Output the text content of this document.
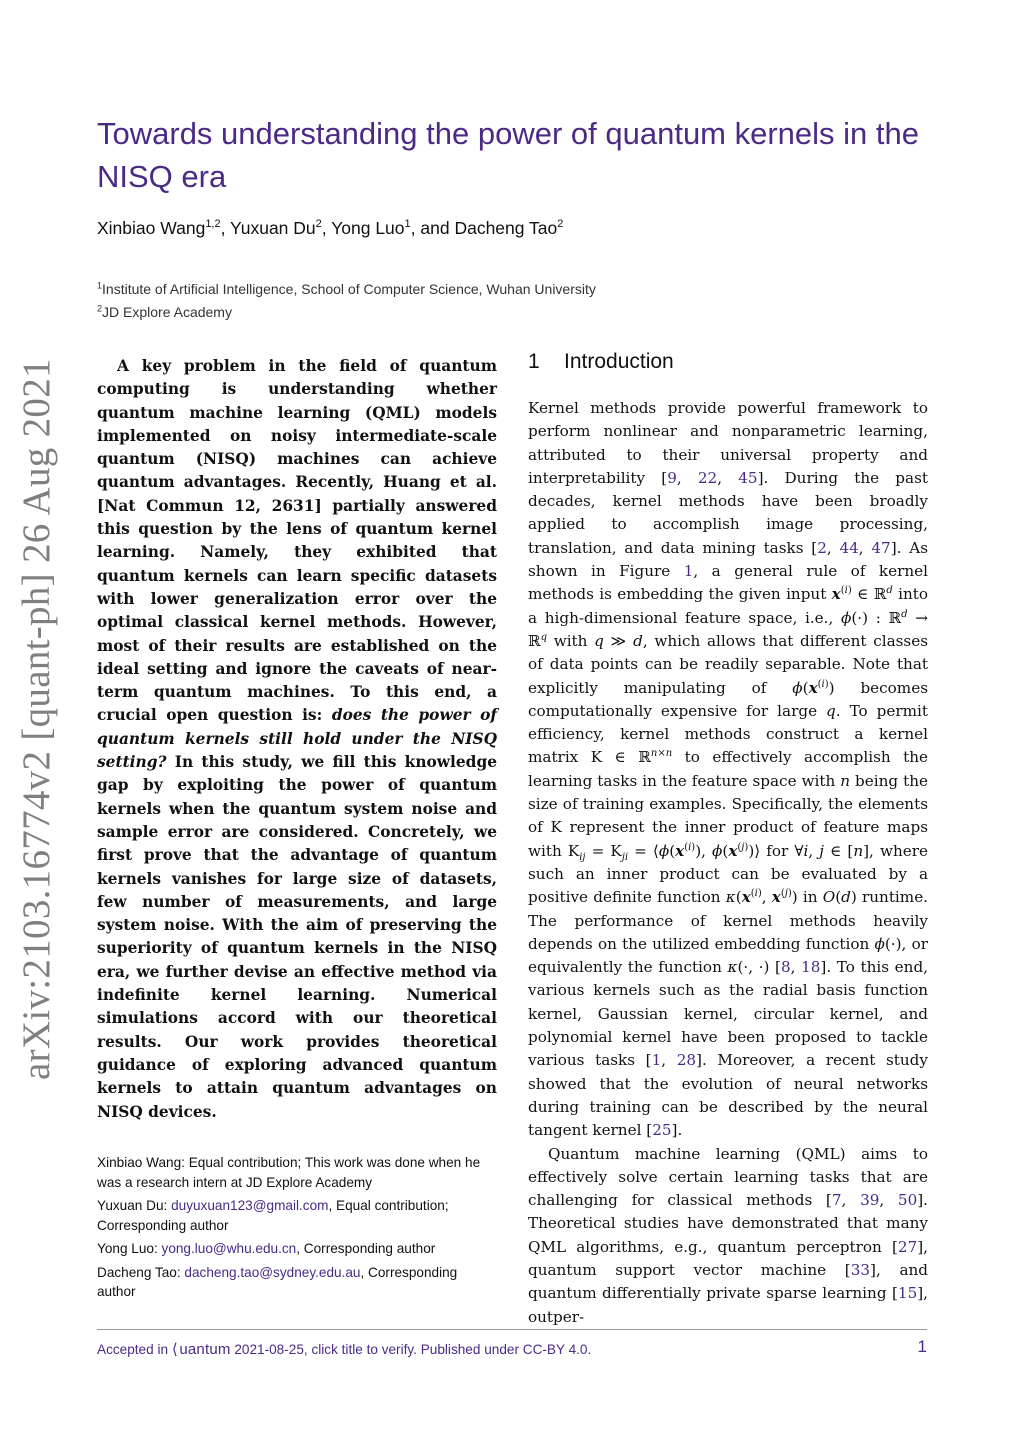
arXiv:2103.16774v2 [quant-ph] 26 Aug 2021
Towards understanding the power of quantum kernels in the NISQ era
Xinbiao Wang$^{1,2}$, Yuxuan Du$^2$, Yong Luo$^1$, and Dacheng Tao$^2$
$^1$Institute of Artificial Intelligence, School of Computer Science, Wuhan University
$^2$JD Explore Academy
A key problem in the field of quantum computing is understanding whether quantum machine learning (QML) models implemented on noisy intermediate-scale quantum (NISQ) machines can achieve quantum advantages. Recently, Huang et al. [Nat Commun 12, 2631] partially answered this question by the lens of quantum kernel learning. Namely, they exhibited that quantum kernels can learn specific datasets with lower generalization error over the optimal classical kernel methods. However, most of their results are established on the ideal setting and ignore the caveats of near-term quantum machines. To this end, a crucial open question is: does the power of quantum kernels still hold under the NISQ setting? In this study, we fill this knowledge gap by exploiting the power of quantum kernels when the quantum system noise and sample error are considered. Concretely, we first prove that the advantage of quantum kernels vanishes for large size of datasets, few number of measurements, and large system noise. With the aim of preserving the superiority of quantum kernels in the NISQ era, we further devise an effective method via indefinite kernel learning. Numerical simulations accord with our theoretical results. Our work provides theoretical guidance of exploring advanced quantum kernels to attain quantum advantages on NISQ devices.
Xinbiao Wang: Equal contribution; This work was done when he was a research intern at JD Explore Academy
Yuxuan Du: duyuxuan123@gmail.com, Equal contribution; Corresponding author
Yong Luo: yong.luo@whu.edu.cn, Corresponding author
Dacheng Tao: dacheng.tao@sydney.edu.au, Corresponding author
1 Introduction

Kernel methods provide powerful framework to perform nonlinear and nonparametric learning, attributed to their universal property and interpretability [9, 22, 45]. During the past decades, kernel methods have been broadly applied to accomplish image processing, translation, and data mining tasks [2, 44, 47]. As shown in Figure 1, a general rule of kernel methods is embedding the given input $x^{(i)}$ ∈ ℝ$^d$ into a high-dimensional feature space, i.e., ϕ(·) : ℝ$^d$ → ℝ$^q$ with q ≫ d, which allows that different classes of data points can be readily separable. Note that explicitly manipulating of $\phi(x^{(i)})$ becomes computationally expensive for large q. To permit efficiency, kernel methods construct a kernel matrix K ∈ ℝ$^{n\times n}$ to effectively accomplish the learning tasks in the feature space with n being the size of training examples. Specifically, the elements of K represent the inner product of feature maps with $K_{ij} = K_{ji}$ = $⟨\phi(x^{(i)})$, $\phi(x^{(j)})⟩$ for ∀i, j ∈ [n], where such an inner product can be evaluated by a positive definite function $\kappa(x^{(i)}$, $x^{(j)}$) in O(d) runtime. The performance of kernel methods heavily depends on the utilized embedding function ϕ(·), or equivalently the function κ(·, ·) [8, 18]. To this end, various kernels such as the radial basis function kernel, Gaussian kernel, circular kernel, and polynomial kernel have been proposed to tackle various tasks [1, 28]. Moreover, a recent study showed that the evolution of neural networks during training can be described by the neural tangent kernel [25].

Quantum machine learning (QML) aims to effectively solve certain learning tasks that are challenging for classical methods [7, 39, 50]. Theoretical studies have demonstrated that many QML algorithms, e.g., quantum perceptron [27], quantum support vector machine [33], and quantum differentially private sparse learning [15], outper-

Accepted in ⟨ uantum 2021-08-25, click title to verify. Published under CC-BY 4.0.	1
